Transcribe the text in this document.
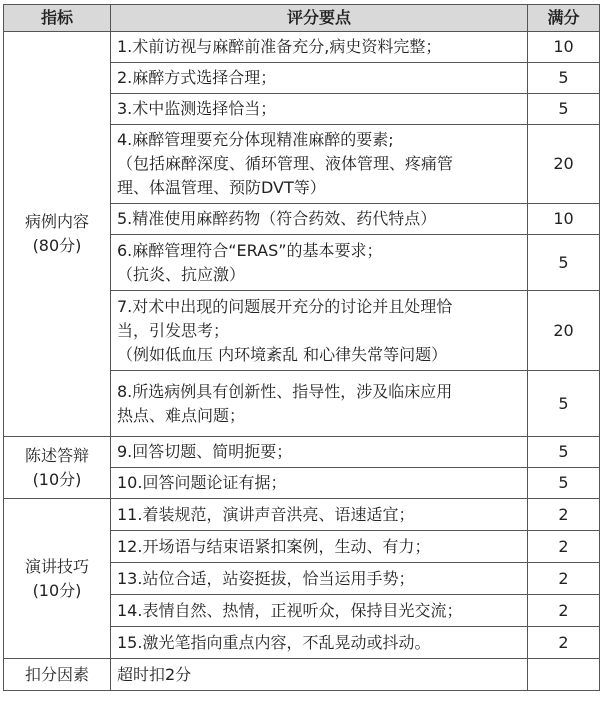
指标	评分要点	满分

病例内容
(80分)	1.术前访视与麻醉前准备充分,病史资料完整；	10

	2.麻醉方式选择合理；	5

	3.术中监测选择恰当；	5

	4.麻醉管理要充分体现精准麻醉的要素;
（包括麻醉深度、循环管理、液体管理、疼痛管
理、体温管理、预防DVT等）	20

	5.精准使用麻醉药物（符合药效、药代特点）	10

	6.麻醉管理符合“ERAS”的基本要求；
（抗炎、抗应激）	5

	7.对术中出现的问题展开充分的讨论并且处理恰
当，引发思考；
（例如低血压 内环境紊乱 和心律失常等问题）	20

	8.所选病例具有创新性、指导性，涉及临床应用
热点、难点问题；	5

陈述答辩
(10分)	9.回答切题、简明扼要；	5

	10.回答问题论证有据；	5

演讲技巧
(10分)	11.着装规范，演讲声音洪亮、语速适宜；	2

	12.开场语与结束语紧扣案例，生动、有力；	2

	13.站位合适，站姿挺拔，恰当运用手势；	2

	14.表情自然、热情，正视听众，保持目光交流；	2

	15.激光笔指向重点内容，不乱晃动或抖动。	2
扣分因素	超时扣2分	
